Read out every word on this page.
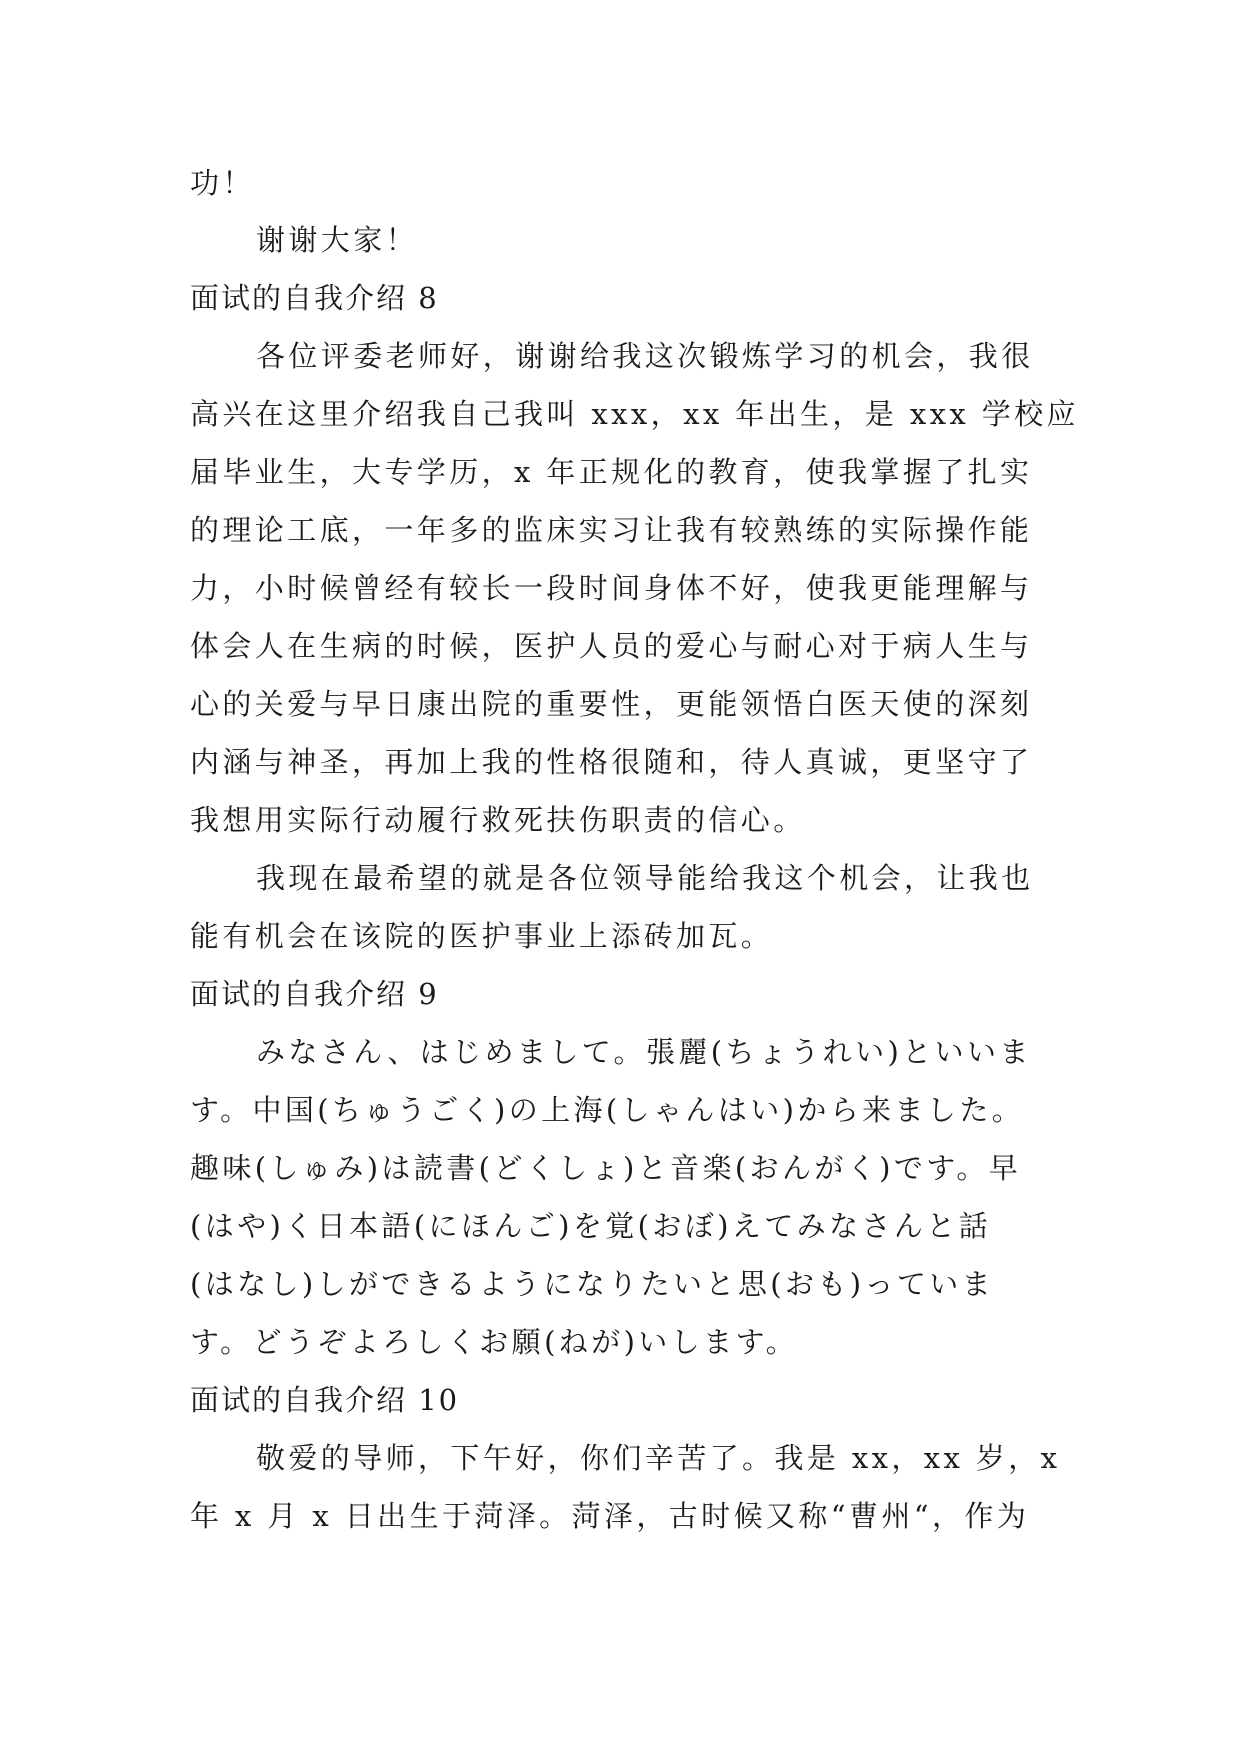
功！
谢谢大家！
面试的自我介绍 8
各位评委老师好，谢谢给我这次锻炼学习的机会，我很
高兴在这里介绍我自己我叫 xxx，xx 年出生，是 xxx 学校应
届毕业生，大专学历，x 年正规化的教育，使我掌握了扎实
的理论工底，一年多的监床实习让我有较熟练的实际操作能
力，小时候曾经有较长一段时间身体不好，使我更能理解与
体会人在生病的时候，医护人员的爱心与耐心对于病人生与
心的关爱与早日康出院的重要性，更能领悟白医天使的深刻
内涵与神圣，再加上我的性格很随和，待人真诚，更坚守了
我想用实际行动履行救死扶伤职责的信心。
我现在最希望的就是各位领导能给我这个机会，让我也
能有机会在该院的医护事业上添砖加瓦。
面试的自我介绍 9
みなさん、はじめまして。張麗(ちょうれい)といいま
す。中国(ちゅうごく)の上海(しゃんはい)から来ました。
趣味(しゅみ)は読書(どくしょ)と音楽(おんがく)です。早
(はや)く日本語(にほんご)を覚(おぼ)えてみなさんと話
(はなし)しができるようになりたいと思(おも)っていま
す。どうぞよろしくお願(ねが)いします。
面试的自我介绍 10
敬爱的导师，下午好，你们辛苦了。我是 xx，xx 岁，x
年 x 月 x 日出生于菏泽。菏泽，古时候又称“曹州“，作为
